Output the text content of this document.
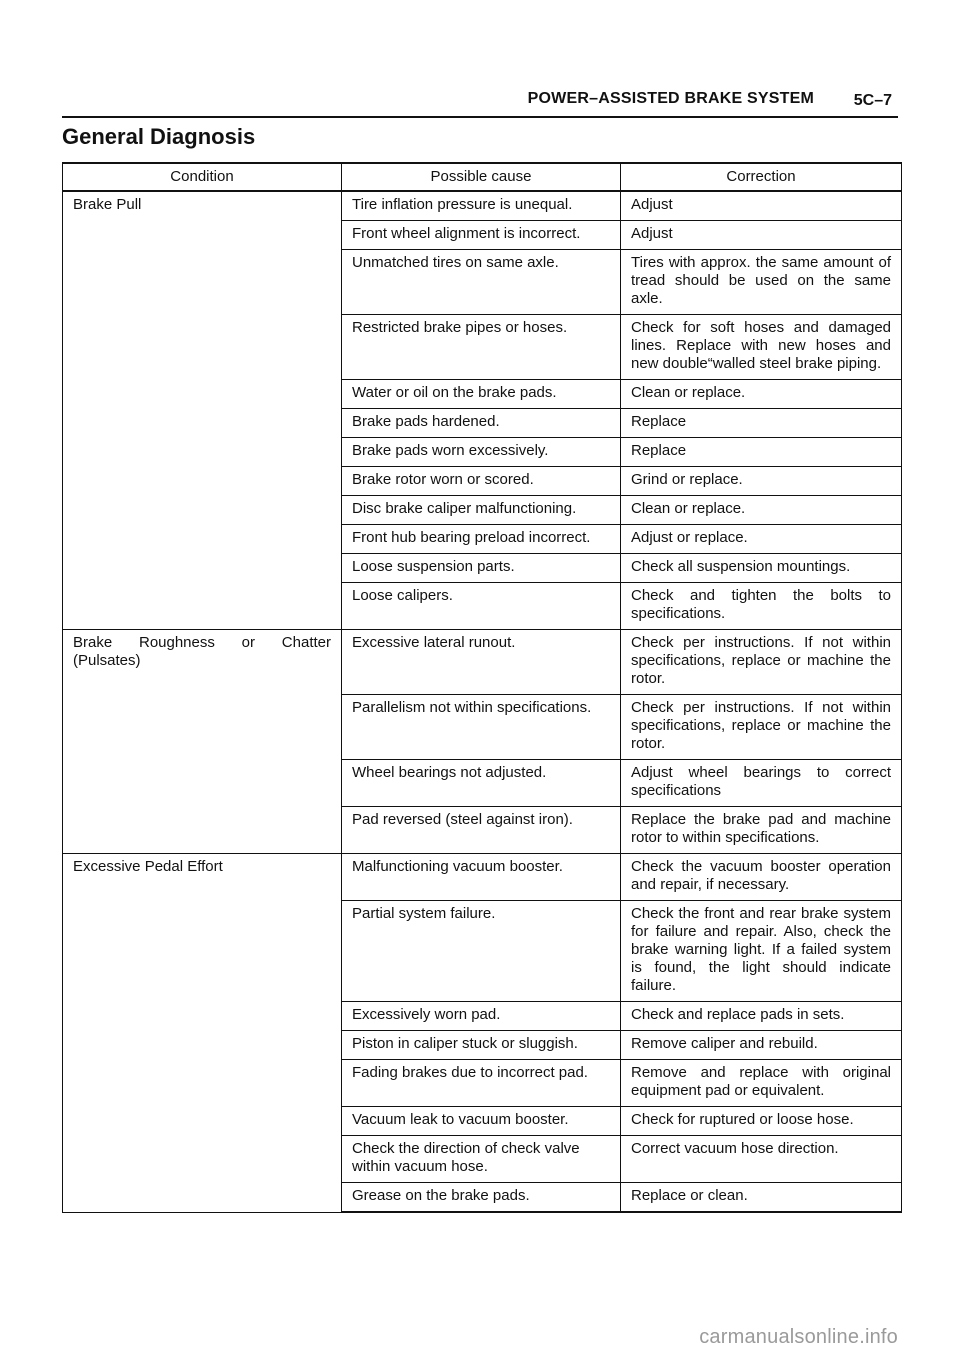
POWER–ASSISTED BRAKE SYSTEM 5C–7
General Diagnosis
Condition	Possible cause	Correction
Brake Pull	Tire inflation pressure is unequal.	Adjust
	Front wheel alignment is incorrect.	Adjust
	Unmatched tires on same axle.	Tires with approx. the same amount of tread should be used on the same axle.
	Restricted brake pipes or hoses.	Check for soft hoses and damaged lines. Replace with new hoses and new double“walled steel brake piping.
	Water or oil on the brake pads.	Clean or replace.
	Brake pads hardened.	Replace
	Brake pads worn excessively.	Replace
	Brake rotor worn or scored.	Grind or replace.
	Disc brake caliper malfunctioning.	Clean or replace.
	Front hub bearing preload incorrect.	Adjust or replace.
	Loose suspension parts.	Check all suspension mountings.
	Loose calipers.	Check and tighten the bolts to specifications.
Brake Roughness or Chatter (Pulsates)	Excessive lateral runout.	Check per instructions. If not within specifications, replace or machine the rotor.
	Parallelism not within specifications.	Check per instructions. If not within specifications, replace or machine the rotor.
	Wheel bearings not adjusted.	Adjust wheel bearings to correct specifications
	Pad reversed (steel against iron).	Replace the brake pad and machine rotor to within specifications.
Excessive Pedal Effort	Malfunctioning vacuum booster.	Check the vacuum booster operation and repair, if necessary.
	Partial system failure.	Check the front and rear brake system for failure and repair. Also, check the brake warning light. If a failed system is found, the light should indicate failure.
	Excessively worn pad.	Check and replace pads in sets.
	Piston in caliper stuck or sluggish.	Remove caliper and rebuild.
	Fading brakes due to incorrect pad.	Remove and replace with original equipment pad or equivalent.
	Vacuum leak to vacuum booster.	Check for ruptured or loose hose.
	Check the direction of check valve within vacuum hose.	Correct vacuum hose direction.
	Grease on the brake pads.	Replace or clean.
carmanualsonline.info
